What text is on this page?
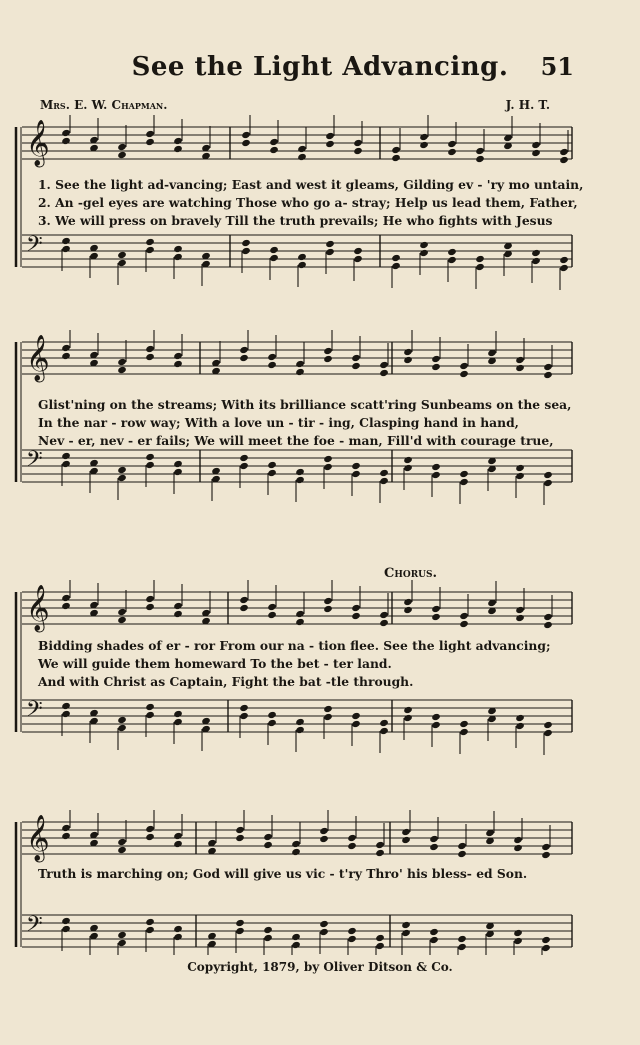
See the Light Advancing.	51
Mrs. E. W. Chapman.	J. H. T.
𝄞
𝄢
1. See the light ad-vancing; East and west it gleams, Gilding ev - 'ry mo untain,
2. An -gel eyes are watching Those who go a- stray; Help us lead them, Father,
3. We will press on bravely Till the truth prevails; He who fights with Jesus
𝄞
𝄢
Glist'ning on the streams; With its brilliance scatt'ring Sunbeams on the sea,
In the nar - row way; With a love un - tir - ing, Clasping hand in hand,
Nev - er, nev - er fails; We will meet the foe - man, Fill'd with courage true,
Chorus.
𝄞
𝄢
Bidding shades of er - ror From our na - tion flee. See the light advancing;
We will guide them homeward To the bet - ter land.
And with Christ as Captain, Fight the bat -tle through.
𝄞
𝄢
Truth is marching on; God will give us vic - t'ry Thro' his bless- ed Son.
Copyright, 1879, by Oliver Ditson & Co.
